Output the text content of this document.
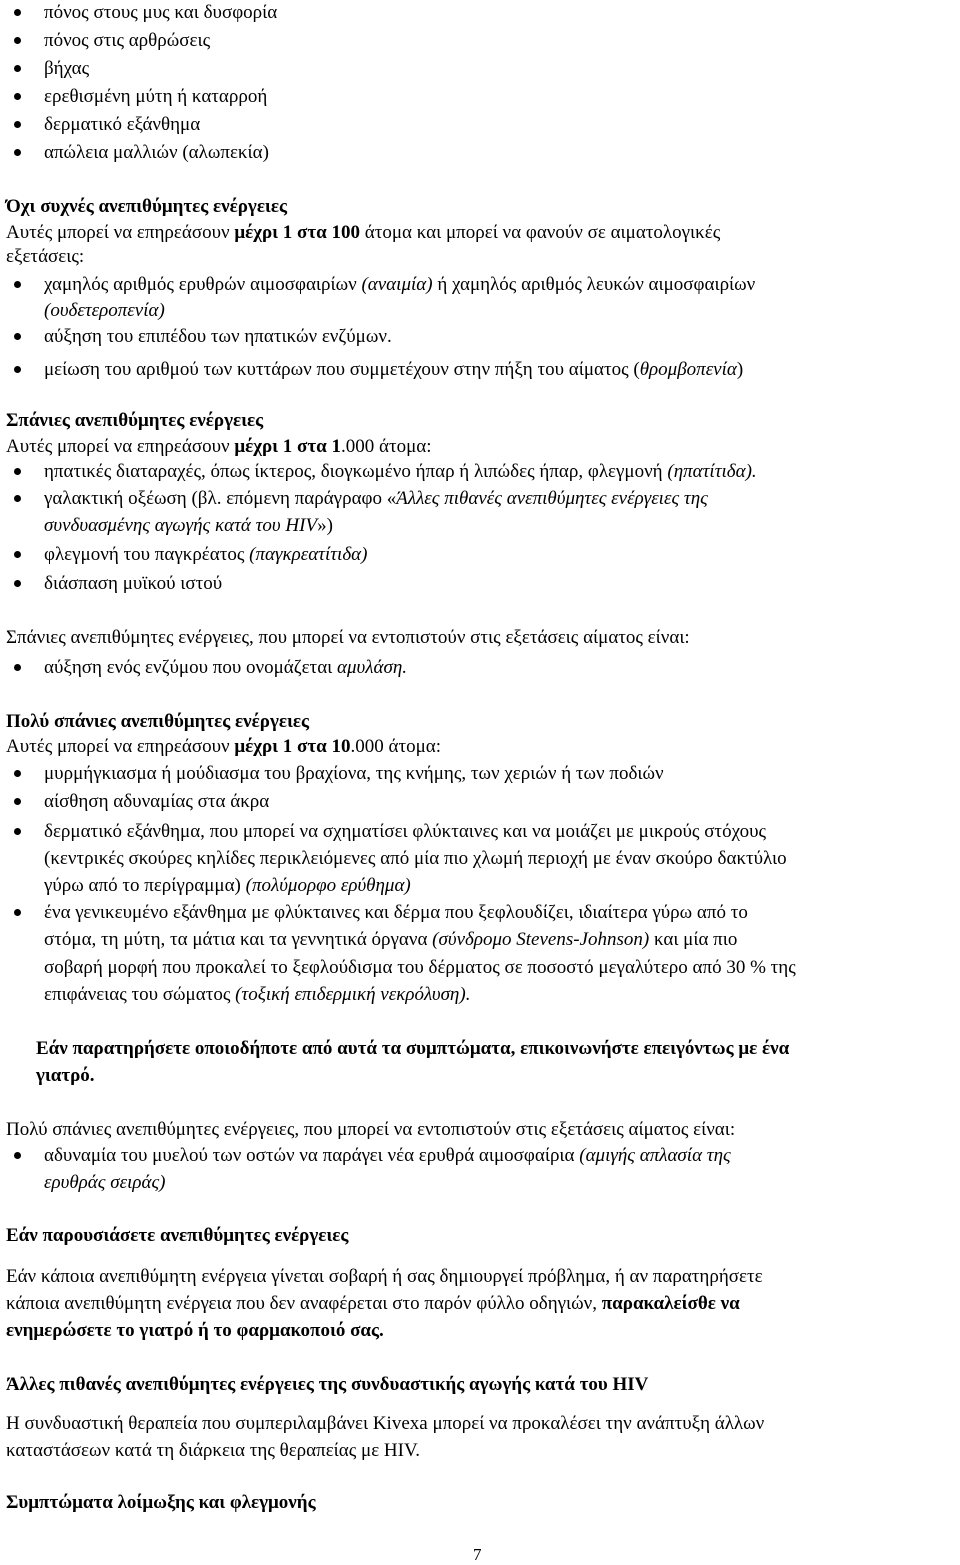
πόνος στους μυς και δυσφορία
πόνος στις αρθρώσεις
βήχας
ερεθισμένη μύτη ή καταρροή
δερματικό εξάνθημα
απώλεια μαλλιών (αλωπεκία)
Όχι συχνές ανεπιθύμητες ενέργειες
Αυτές μπορεί να επηρεάσουν μέχρι 1 στα 100 άτομα και μπορεί να φανούν σε αιματολογικές
εξετάσεις:
χαμηλός αριθμός ερυθρών αιμοσφαιρίων (αναιμία) ή χαμηλός αριθμός λευκών αιμοσφαιρίων
(ουδετεροπενία)
αύξηση του επιπέδου των ηπατικών ενζύμων.
μείωση του αριθμού των κυττάρων που συμμετέχουν στην πήξη του αίματος (θρομβοπενία)
Σπάνιες ανεπιθύμητες ενέργειες
Αυτές μπορεί να επηρεάσουν μέχρι 1 στα 1.000 άτομα:
ηπατικές διαταραχές, όπως ίκτερος, διογκωμένο ήπαρ ή λιπώδες ήπαρ, φλεγμονή (ηπατίτιδα).
γαλακτική οξέωση (βλ. επόμενη παράγραφο «Άλλες πιθανές ανεπιθύμητες ενέργειες της
συνδυασμένης αγωγής κατά του HIV»)
φλεγμονή του παγκρέατος (παγκρεατίτιδα)
διάσπαση μυϊκού ιστού
Σπάνιες ανεπιθύμητες ενέργειες, που μπορεί να εντοπιστούν στις εξετάσεις αίματος είναι:
αύξηση ενός ενζύμου που ονομάζεται αμυλάση.
Πολύ σπάνιες ανεπιθύμητες ενέργειες
Αυτές μπορεί να επηρεάσουν μέχρι 1 στα 10.000 άτομα:
μυρμήγκιασμα ή μούδιασμα του βραχίονα, της κνήμης, των χεριών ή των ποδιών
αίσθηση αδυναμίας στα άκρα
δερματικό εξάνθημα, που μπορεί να σχηματίσει φλύκταινες και να μοιάζει με μικρούς στόχους
(κεντρικές σκούρες κηλίδες περικλειόμενες από μία πιο χλωμή περιοχή με έναν σκούρο δακτύλιο
γύρω από το περίγραμμα) (πολύμορφο ερύθημα)
ένα γενικευμένο εξάνθημα με φλύκταινες και δέρμα που ξεφλουδίζει, ιδιαίτερα γύρω από το
στόμα, τη μύτη, τα μάτια και τα γεννητικά όργανα (σύνδρομο Stevens-Johnson) και μία πιο
σοβαρή μορφή που προκαλεί το ξεφλούδισμα του δέρματος σε ποσοστό μεγαλύτερο από 30 % της
επιφάνειας του σώματος (τοξική επιδερμική νεκρόλυση).
Εάν παρατηρήσετε οποιοδήποτε από αυτά τα συμπτώματα, επικοινωνήστε επειγόντως με ένα
γιατρό.
Πολύ σπάνιες ανεπιθύμητες ενέργειες, που μπορεί να εντοπιστούν στις εξετάσεις αίματος είναι:
αδυναμία του μυελού των οστών να παράγει νέα ερυθρά αιμοσφαίρια (αμιγής απλασία της
ερυθράς σειράς)
Εάν παρουσιάσετε ανεπιθύμητες ενέργειες
Εάν κάποια ανεπιθύμητη ενέργεια γίνεται σοβαρή ή σας δημιουργεί πρόβλημα, ή αν παρατηρήσετε
κάποια ανεπιθύμητη ενέργεια που δεν αναφέρεται στο παρόν φύλλο οδηγιών, παρακαλείσθε να
ενημερώσετε το γιατρό ή το φαρμακοποιό σας.
Άλλες πιθανές ανεπιθύμητες ενέργειες της συνδυαστικής αγωγής κατά του HIV
Η συνδυαστική θεραπεία που συμπεριλαμβάνει Kivexa μπορεί να προκαλέσει την ανάπτυξη άλλων
καταστάσεων κατά τη διάρκεια της θεραπείας με HIV.
Συμπτώματα λοίμωξης και φλεγμονής
7
